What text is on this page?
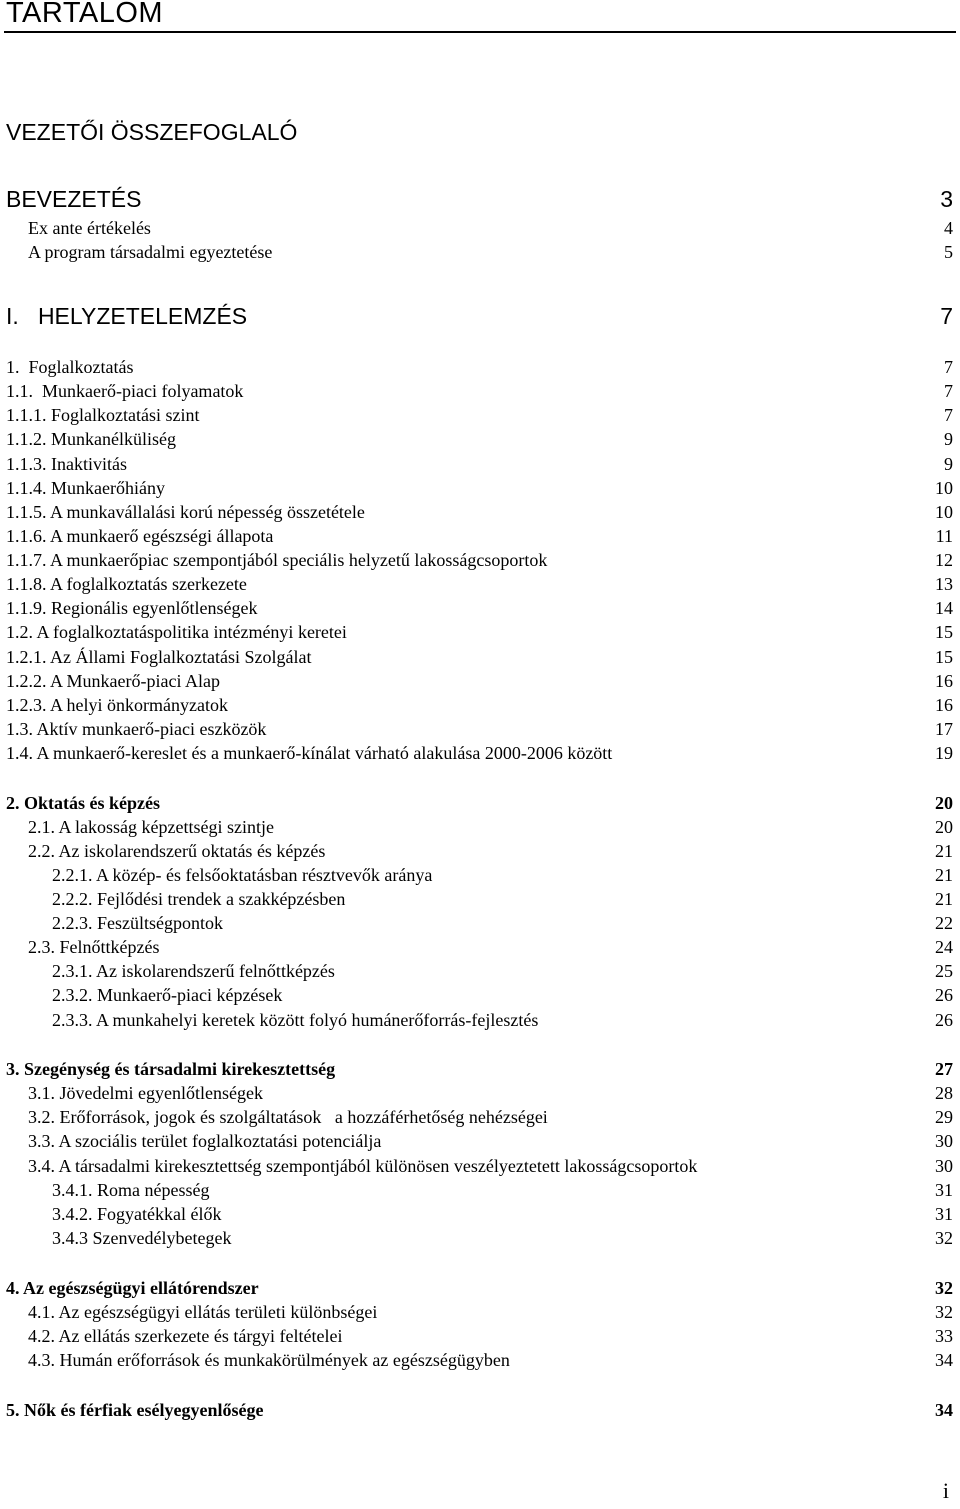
TARTALOM
VEZETŐI ÖSSZEFOGLALÓ
BEVEZETÉS	3
Ex ante értékelés	4
A program társadalmi egyeztetése	5
I.   HELYZETELEMZÉS	7
1.  Foglalkoztatás	7
1.1.  Munkaerő-piaci folyamatok	7
1.1.1. Foglalkoztatási szint	7
1.1.2. Munkanélküliség	9
1.1.3. Inaktivitás	9
1.1.4. Munkaerőhiány	10
1.1.5. A munkavállalási korú népesség összetétele	10
1.1.6. A munkaerő egészségi állapota	11
1.1.7. A munkaerőpiac szempontjából speciális helyzetű lakosságcsoportok	12
1.1.8. A foglalkoztatás szerkezete	13
1.1.9. Regionális egyenlőtlenségek	14
1.2. A foglalkoztatáspolitika intézményi keretei	15
1.2.1. Az Állami Foglalkoztatási Szolgálat	15
1.2.2. A Munkaerő-piaci Alap	16
1.2.3. A helyi önkormányzatok	16
1.3. Aktív munkaerő-piaci eszközök	17
1.4. A munkaerő-kereslet és a munkaerő-kínálat várható alakulása 2000-2006 között	19
2. Oktatás és képzés	20
2.1. A lakosság képzettségi szintje	20
2.2. Az iskolarendszerű oktatás és képzés	21
2.2.1. A közép- és felsőoktatásban résztvevők aránya	21
2.2.2. Fejlődési trendek a szakképzésben	21
2.2.3. Feszültségpontok	22
2.3. Felnőttképzés	24
2.3.1. Az iskolarendszerű felnőttképzés	25
2.3.2. Munkaerő-piaci képzések	26
2.3.3. A munkahelyi keretek között folyó humánerőforrás-fejlesztés	26
3. Szegénység és társadalmi kirekesztettség	27
3.1. Jövedelmi egyenlőtlenségek	28
3.2. Erőforrások, jogok és szolgáltatások   a hozzáférhetőség nehézségei	29
3.3. A szociális terület foglalkoztatási potenciálja	30
3.4. A társadalmi kirekesztettség szempontjából különösen veszélyeztetett lakosságcsoportok	30
3.4.1. Roma népesség	31
3.4.2. Fogyatékkal élők	31
3.4.3 Szenvedélybetegek	32
4. Az egészségügyi ellátórendszer	32
4.1. Az egészségügyi ellátás területi különbségei	32
4.2. Az ellátás szerkezete és tárgyi feltételei	33
4.3. Humán erőforrások és munkakörülmények az egészségügyben	34
5. Nők és férfiak esélyegyenlősége	34
i
